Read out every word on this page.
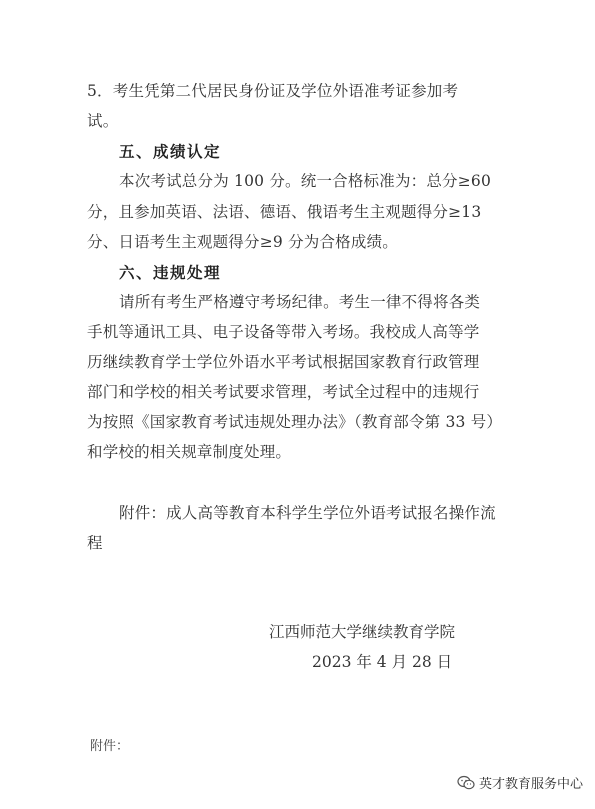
5．考生凭第二代居民身份证及学位外语准考证参加考
试。
五、成绩认定
本次考试总分为 100 分。统一合格标准为：总分≥60
分，且参加英语、法语、德语、俄语考生主观题得分≥13
分、日语考生主观题得分≥9 分为合格成绩。
六、违规处理
请所有考生严格遵守考场纪律。考生一律不得将各类
手机等通讯工具、电子设备等带入考场。我校成人高等学
历继续教育学士学位外语水平考试根据国家教育行政管理
部门和学校的相关考试要求管理，考试全过程中的违规行
为按照《国家教育考试违规处理办法》（教育部令第 33 号）
和学校的相关规章制度处理。
附件：成人高等教育本科学生学位外语考试报名操作流
程
江西师范大学继续教育学院
2023 年 4 月 28 日
附件：
英才教育服务中心
